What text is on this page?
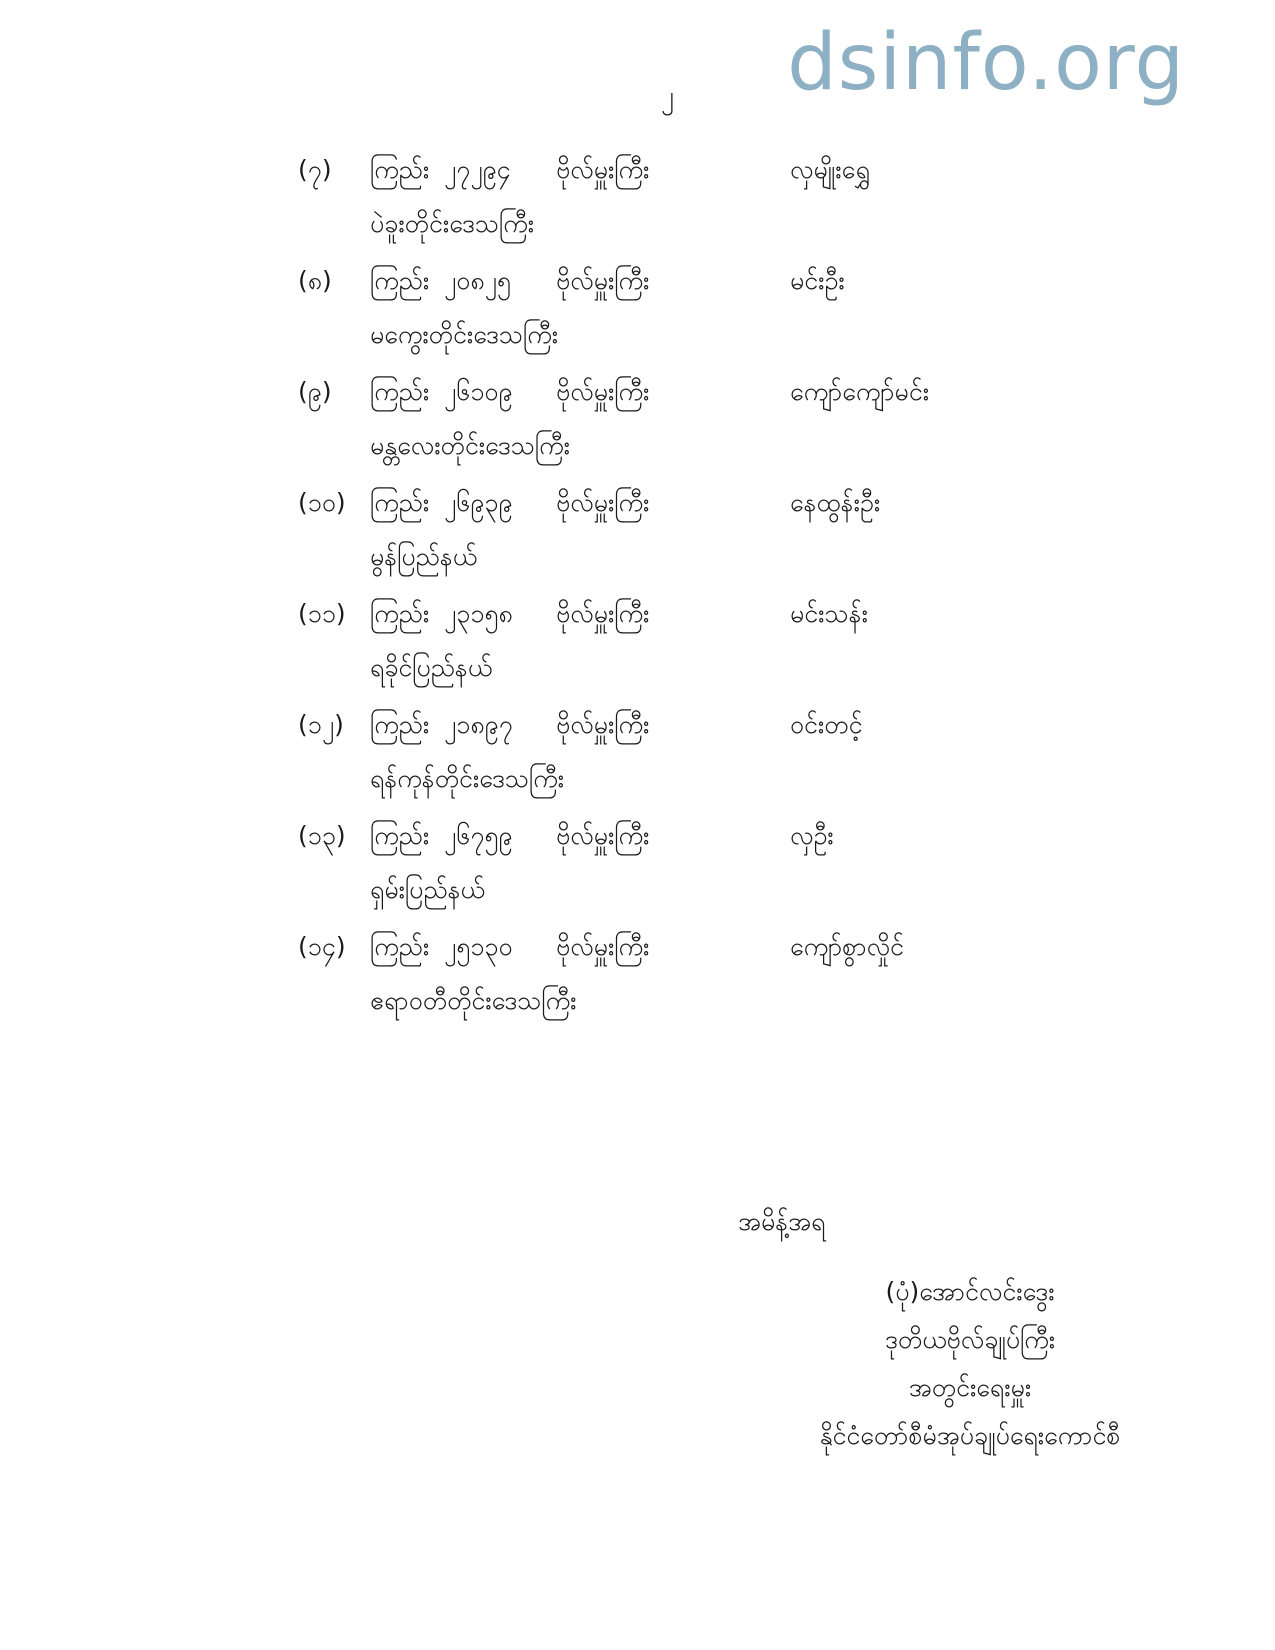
dsinfo.org
၂
(၇) ကြည်း ၂၇၂၉၄ ဗိုလ်မှူးကြီး	လှမျိုးရွှေ
ပဲခူးတိုင်းဒေသကြီး
(၈) ကြည်း ၂၀၈၂၅ ဗိုလ်မှူးကြီး	မင်းဦး
မကွေးတိုင်းဒေသကြီး
(၉) ကြည်း ၂၆၁၀၉ ဗိုလ်မှူးကြီး	ကျော်ကျော်မင်း
မန္တလေးတိုင်းဒေသကြီး
(၁၀) ကြည်း ၂၆၉၃၉ ဗိုလ်မှူးကြီး	နေထွန်းဦး
မွန်ပြည်နယ်
(၁၁) ကြည်း ၂၃၁၅၈ ဗိုလ်မှူးကြီး	မင်းသန်း
ရခိုင်ပြည်နယ်
(၁၂) ကြည်း ၂၁၈၉၇ ဗိုလ်မှူးကြီး	ဝင်းတင့်
ရန်ကုန်တိုင်းဒေသကြီး
(၁၃) ကြည်း ၂၆၇၅၉ ဗိုလ်မှူးကြီး	လှဦး
ရှမ်းပြည်နယ်
(၁၄) ကြည်း ၂၅၁၃၀ ဗိုလ်မှူးကြီး	ကျော်စွာလှိုင်
ဧရာဝတီတိုင်းဒေသကြီး
အမိန့်အရ
(ပုံ)အောင်လင်းဒွေး
ဒုတိယဗိုလ်ချုပ်ကြီး
အတွင်းရေးမှူး
နိုင်ငံတော်စီမံအုပ်ချုပ်ရေးကောင်စီ
